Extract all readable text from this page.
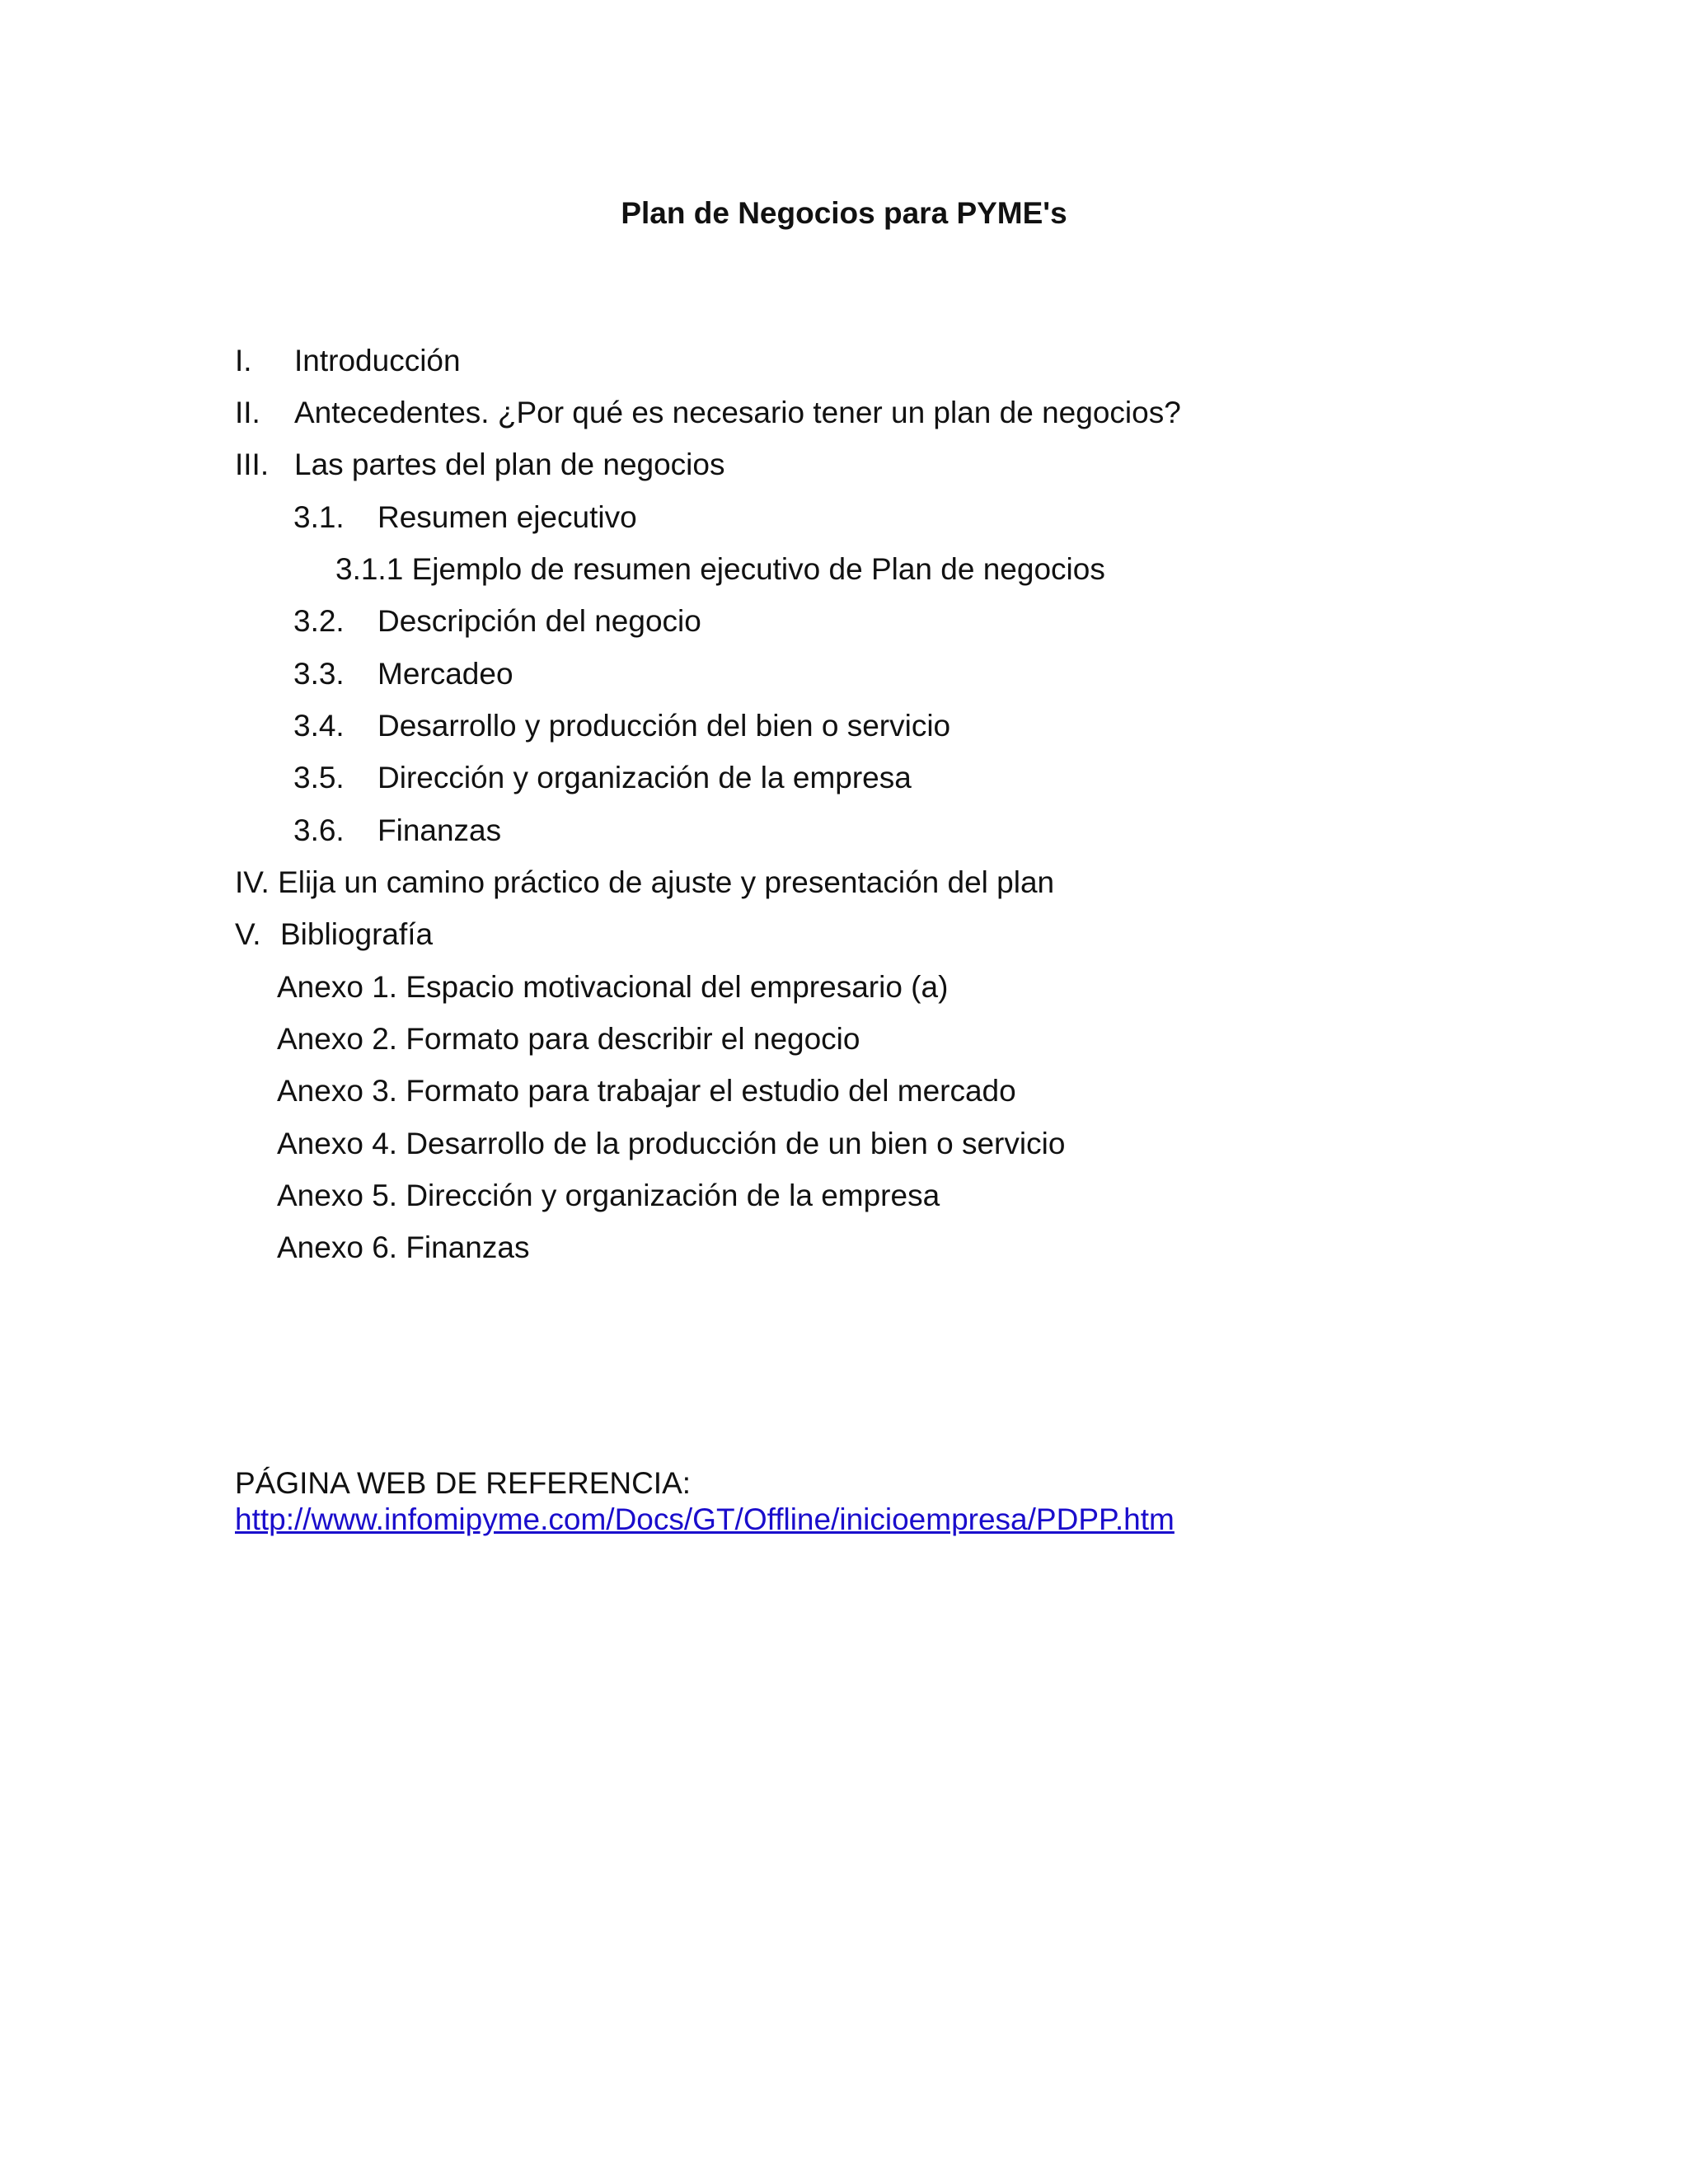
Plan de Negocios para PYME's
I. Introducción
II. Antecedentes. ¿Por qué es necesario tener un plan de negocios?
III. Las partes del plan de negocios
3.1. Resumen ejecutivo
3.1.1 Ejemplo de resumen ejecutivo de Plan de negocios
3.2. Descripción del negocio
3.3. Mercadeo
3.4. Desarrollo y producción del bien o servicio
3.5. Dirección y organización de la empresa
3.6. Finanzas
IV. Elija un camino práctico de ajuste y presentación del plan
V. Bibliografía
Anexo 1. Espacio motivacional del empresario (a)
Anexo 2. Formato para describir el negocio
Anexo 3. Formato para trabajar el estudio del mercado
Anexo 4. Desarrollo de la producción de un bien o servicio
Anexo 5. Dirección y organización de la empresa
Anexo 6. Finanzas
PÁGINA WEB DE REFERENCIA:
http://www.infomipyme.com/Docs/GT/Offline/inicioempresa/PDPP.htm
